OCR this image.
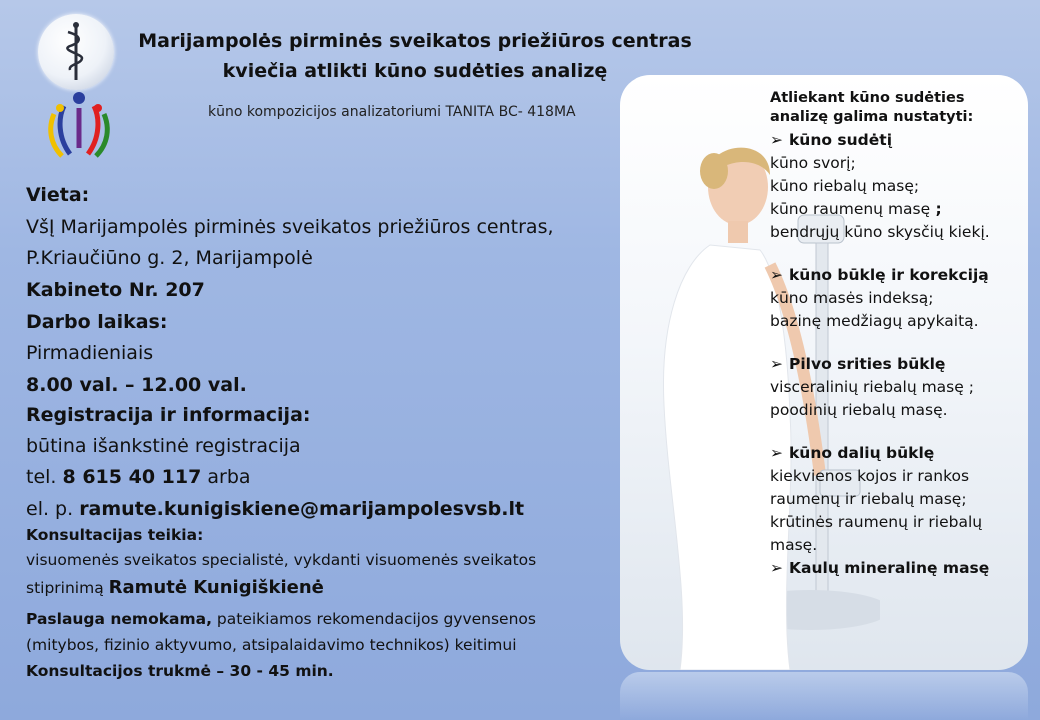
Marijampolės pirminės sveikatos priežiūros centras
kviečia atlikti kūno sudėties analizę
kūno kompozicijos analizatoriumi TANITA BC- 418MA
Vieta:
VšĮ Marijampolės pirminės sveikatos priežiūros centras,
P.Kriaučiūno g. 2, Marijampolė
Kabineto Nr. 207
Darbo laikas:
Pirmadieniais
8.00 val. – 12.00 val.
Registracija ir informacija:
būtina išankstinė registracija
tel. 8 615 40 117 arba
el. p. ramute.kunigiskiene@marijampolesvsb.lt
Konsultacijas teikia:
visuomenės sveikatos specialistė, vykdanti visuomenės sveikatos
stiprinimą Ramutė Kunigiškienė
Paslauga nemokama, pateikiamos rekomendacijos gyvensenos
(mitybos, fizinio aktyvumo, atsipalaidavimo technikos) keitimui
Konsultacijos trukmė – 30 - 45 min.
Atliekant kūno sudėties
analizę galima nustatyti:
➢ kūno sudėtį
kūno svorį;
kūno riebalų masę;
kūno raumenų masę ;
bendrųjų kūno skysčių kiekį.
➢ kūno būklę ir korekciją
kūno masės indeksą;
bazinę medžiagų apykaitą.
➢ Pilvo srities būklę
visceralinių riebalų masę ;
poodinių riebalų masę.
➢ kūno dalių būklę
kiekvienos kojos ir rankos
raumenų ir riebalų masę;
krūtinės raumenų ir riebalų
masę.
➢ Kaulų mineralinę masę
